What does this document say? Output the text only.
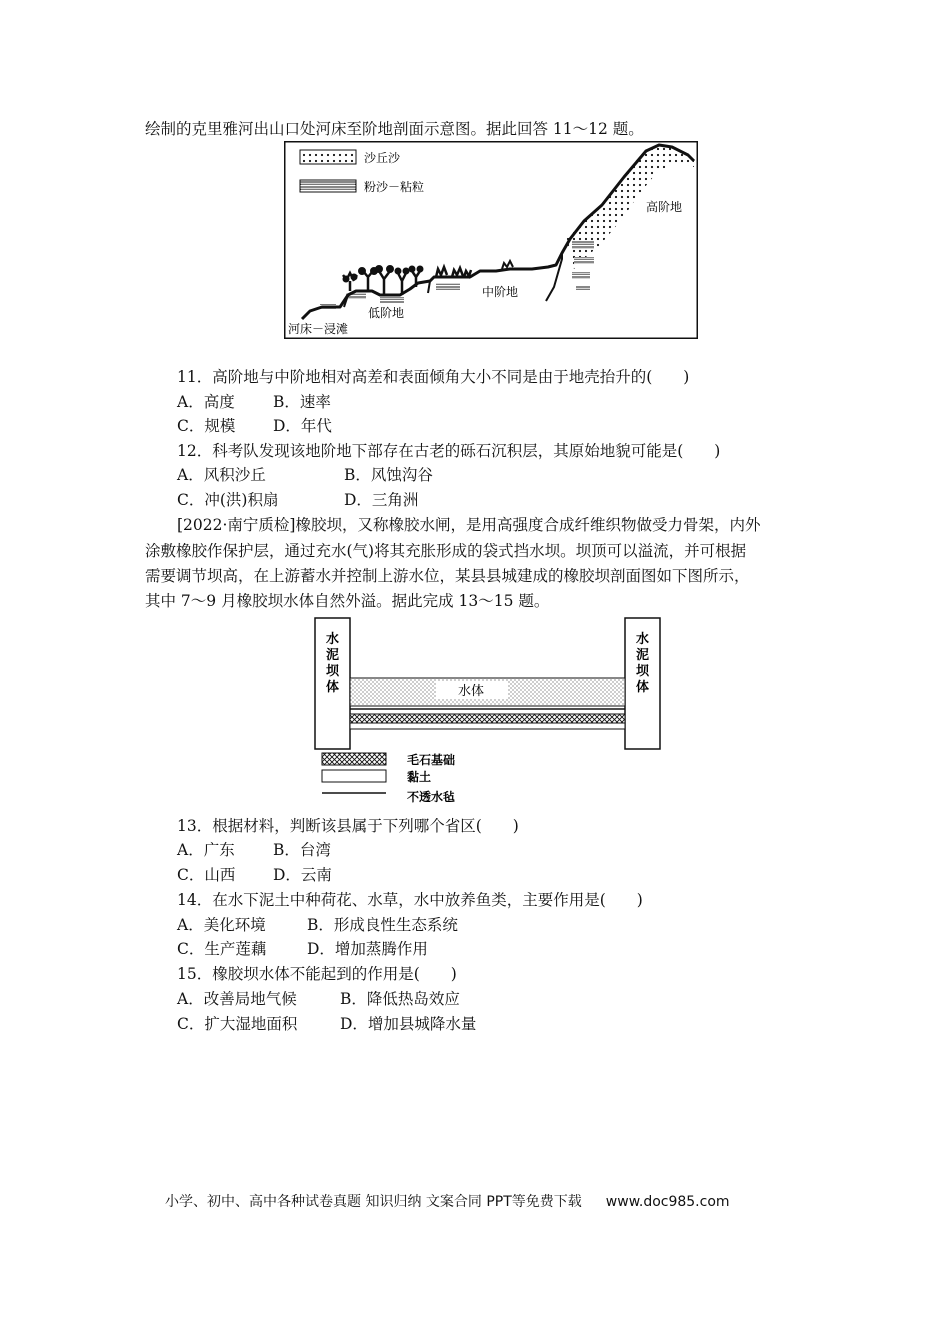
绘制的克里雅河出山口处河床至阶地剖面示意图。据此回答 11～12 题。
沙丘沙
粉沙－粘粒
高阶地
中阶地
低阶地
河床－浸滩
11．高阶地与中阶地相对高差和表面倾角大小不同是由于地壳抬升的(　　)
A．高度 B．速率
C．规模 D．年代
12．科考队发现该地阶地下部存在古老的砾石沉积层，其原始地貌可能是(　　)
A．风积沙丘	B．风蚀沟谷
C．冲(洪)积扇	D．三角洲
[2022·南宁质检]橡胶坝，又称橡胶水闸，是用高强度合成纤维织物做受力骨架，内外
涂敷橡胶作保护层，通过充水(气)将其充胀形成的袋式挡水坝。坝顶可以溢流，并可根据
需要调节坝高，在上游蓄水并控制上游水位，某县县城建成的橡胶坝剖面图如下图所示，
其中 7～9 月橡胶坝水体自然外溢。据此完成 13～15 题。
水
泥
坝
体
水
泥
坝
体
水体
毛石基础
黏土
不透水毡
13．根据材料，判断该县属于下列哪个省区(　　)
A．广东 B．台湾
C．山西 D．云南
14．在水下泥土中种荷花、水草，水中放养鱼类，主要作用是(　　)
A．美化环境	B．形成良性生态系统
C．生产莲藕	D．增加蒸腾作用
15．橡胶坝水体不能起到的作用是(　　)
A．改善局地气候	B．降低热岛效应
C．扩大湿地面积	D．增加县城降水量
小学、初中、高中各种试卷真题 知识归纳 文案合同 PPT等免费下载 www.doc985.com
